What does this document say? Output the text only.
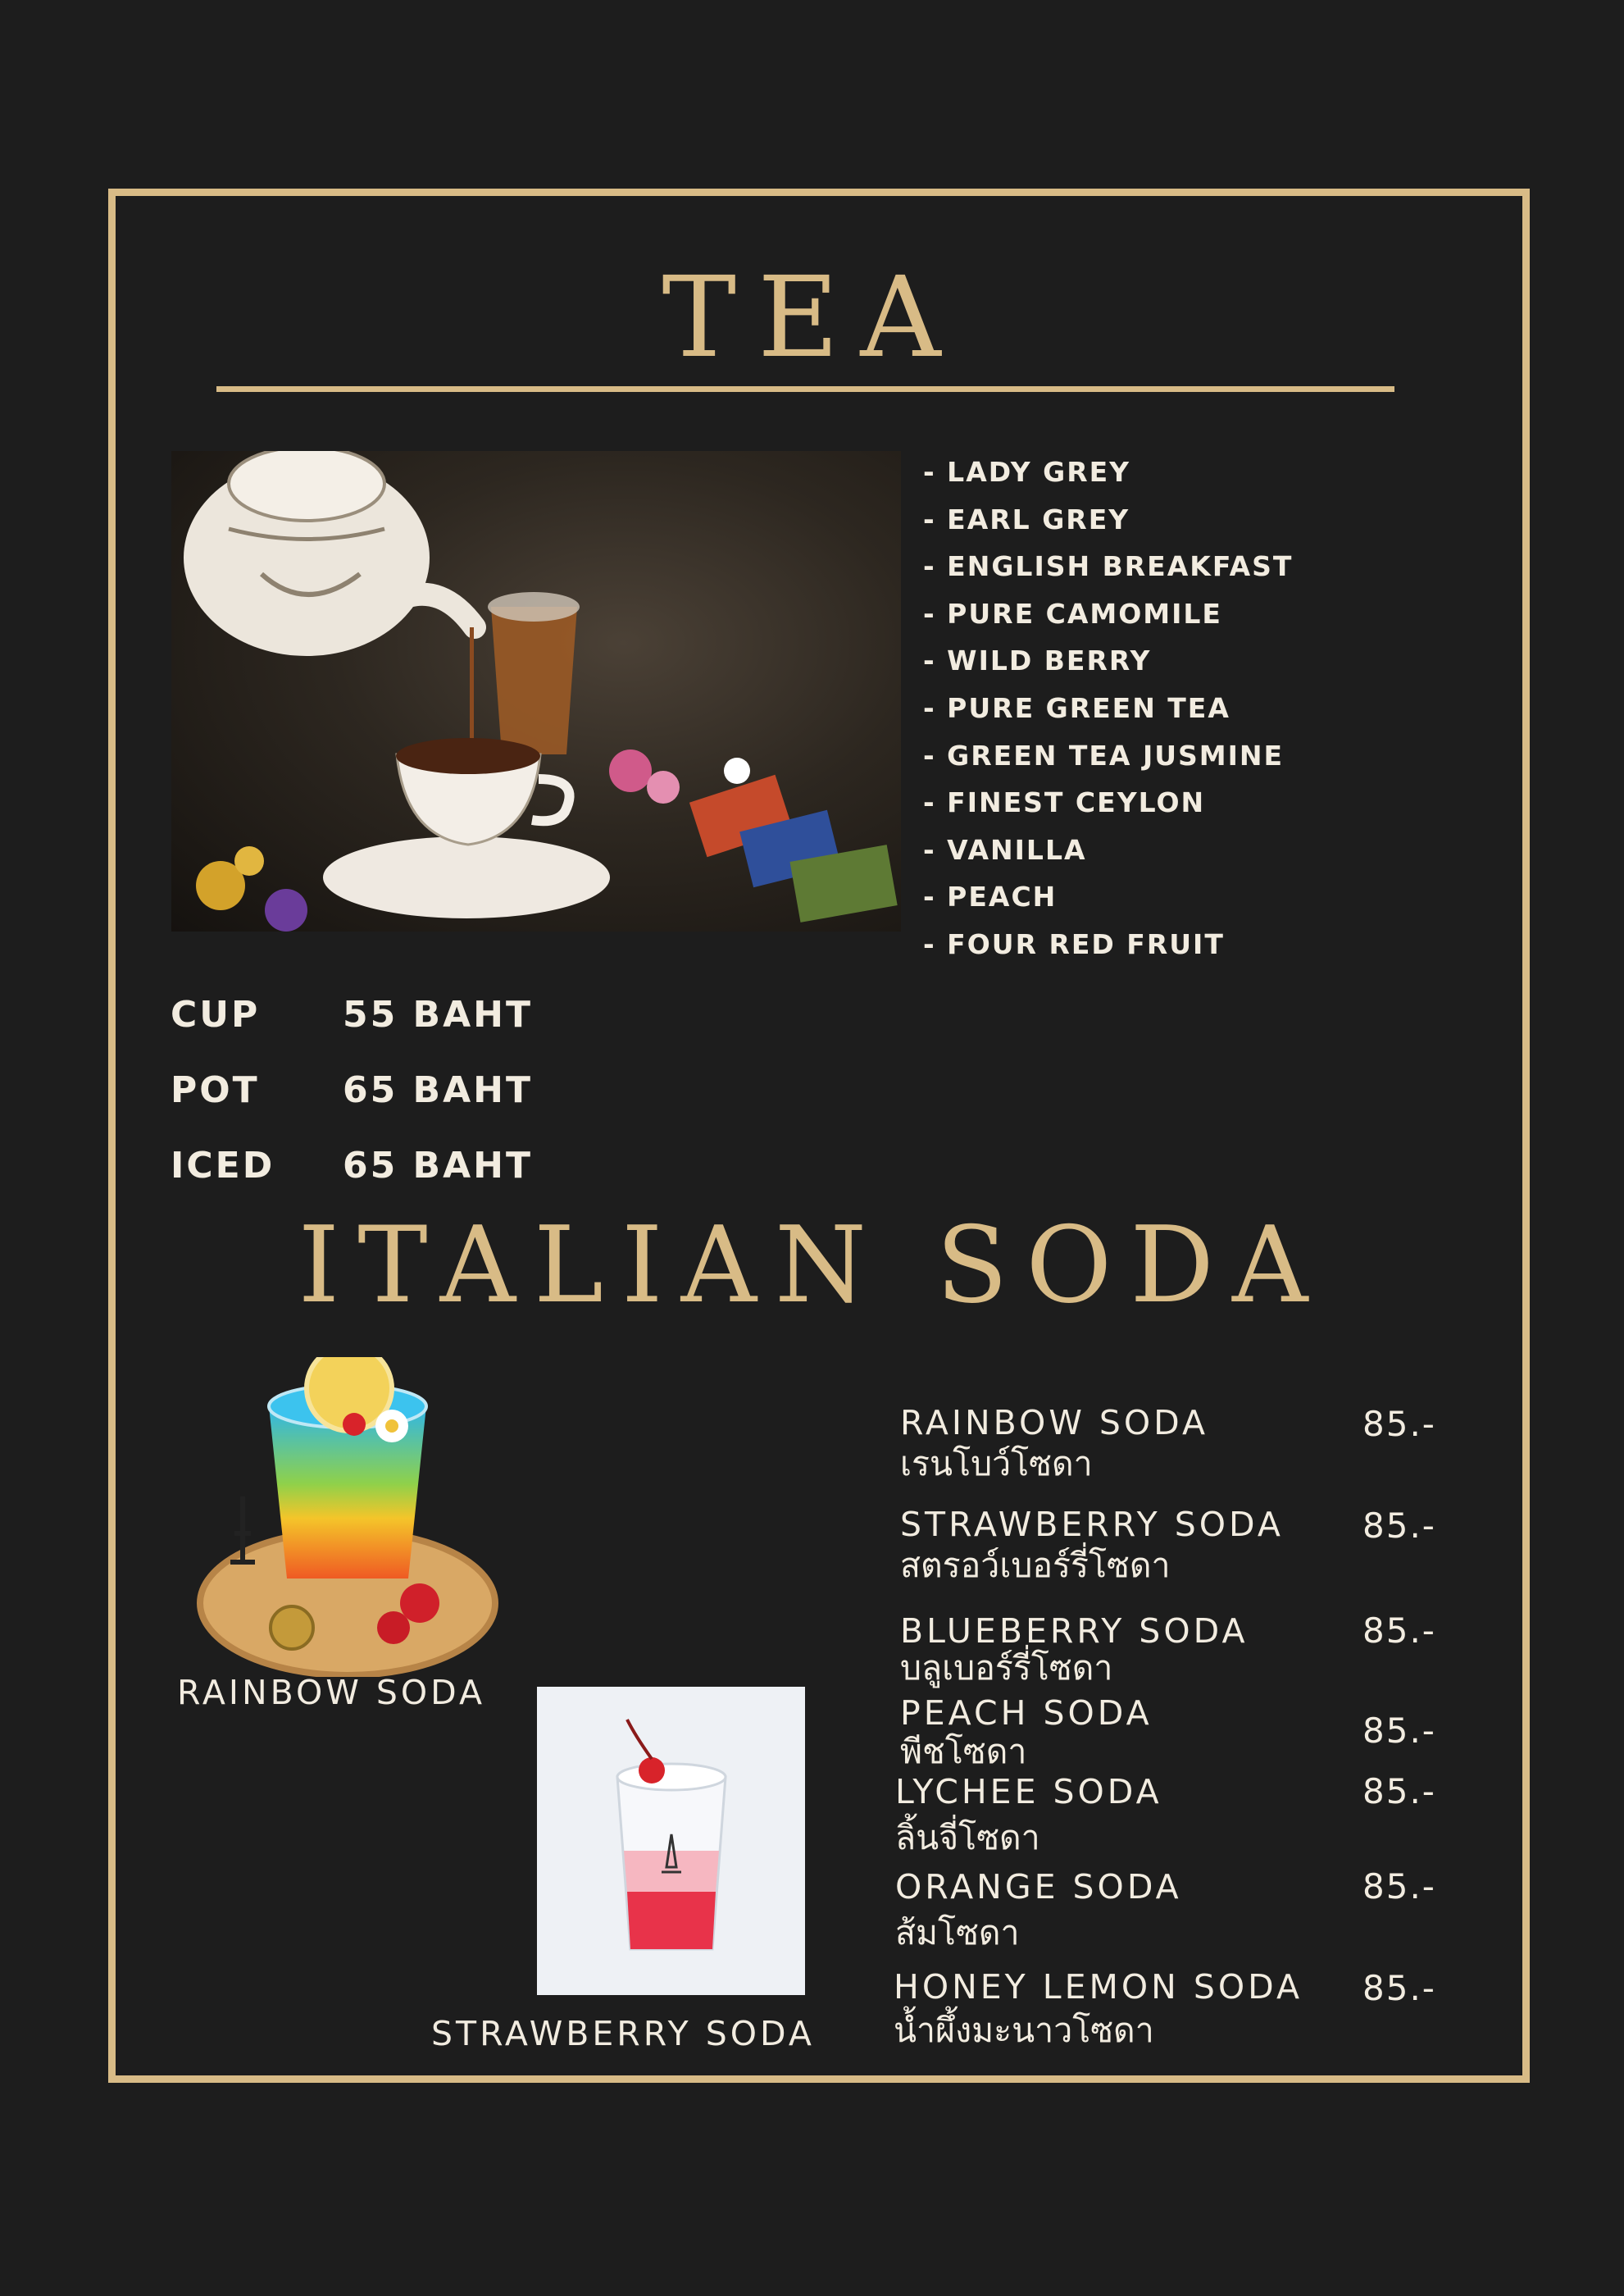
TEA
- LADY GREY
- EARL GREY
- ENGLISH BREAKFAST
- PURE CAMOMILE
- WILD BERRY
- PURE GREEN TEA
- GREEN TEA JUSMINE
- FINEST CEYLON
- VANILLA
- PEACH
- FOUR RED FRUIT
CUP 55 BAHT
POT 65 BAHT
ICED 65 BAHT
ITALIAN SODA
RAINBOW SODA
STRAWBERRY SODA
RAINBOW SODA
เรนโบว์โซดา
85.-
STRAWBERRY SODA
สตรอว์เบอร์รี่โซดา
85.-
BLUEBERRY SODA
บลูเบอร์รี่โซดา
85.-
PEACH SODA
พีชโซดา
85.-
LYCHEE SODA
ลิ้นจี่โซดา
85.-
ORANGE SODA
ส้มโซดา
85.-
HONEY LEMON SODA
น้ำผึ้งมะนาวโซดา
85.-
